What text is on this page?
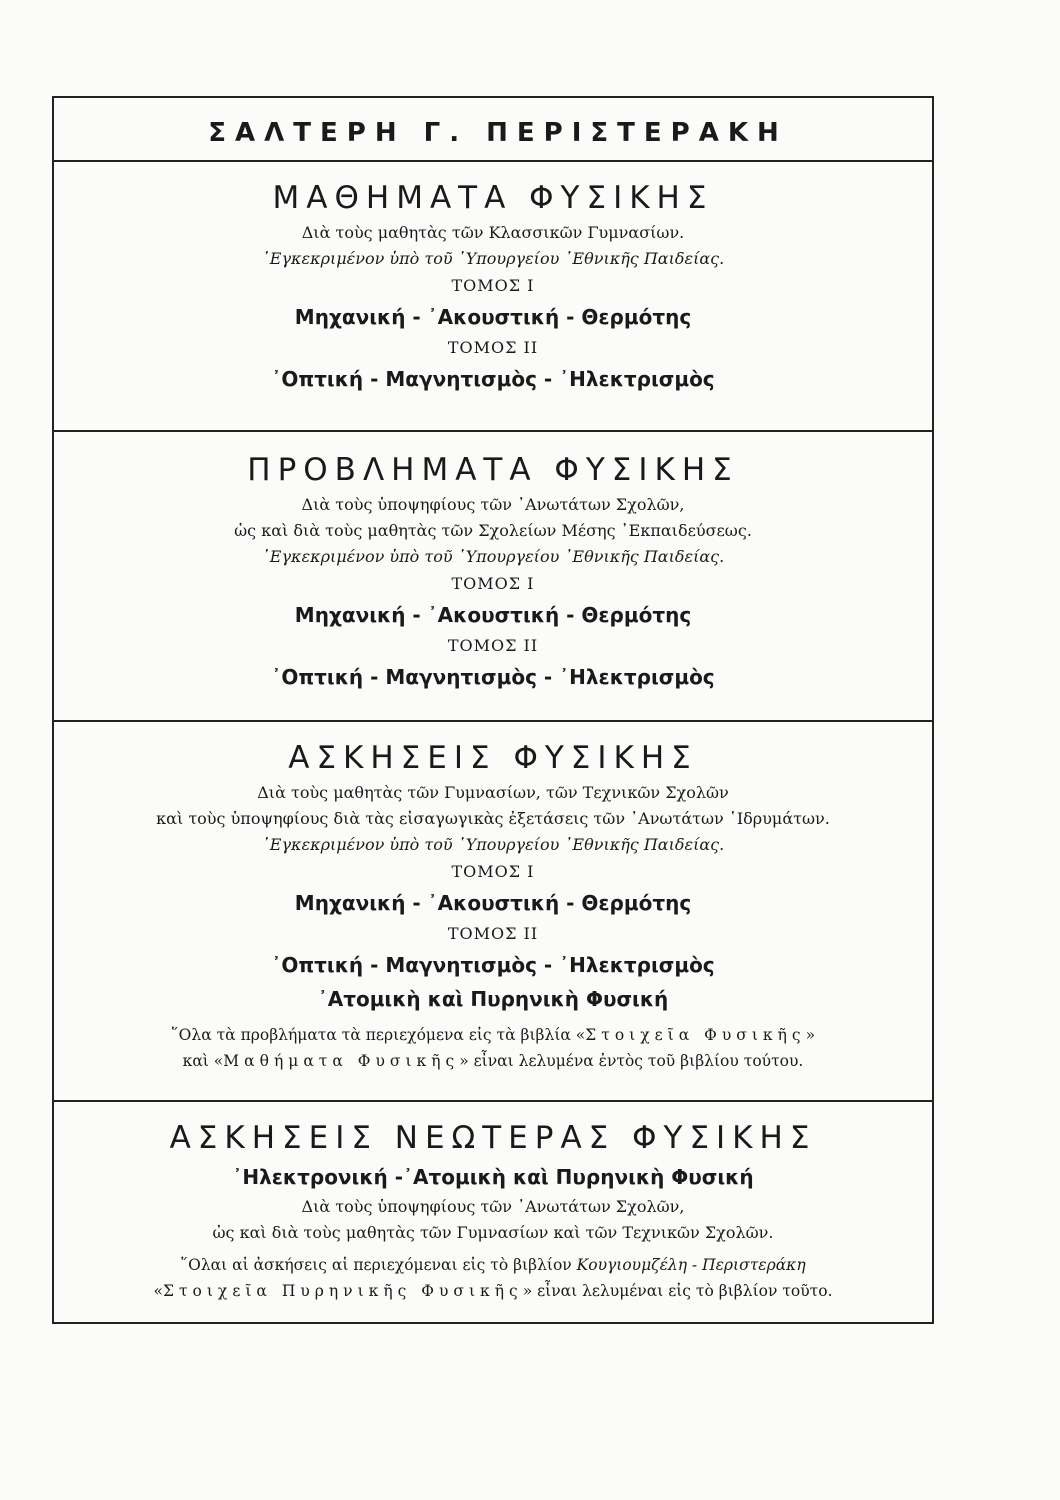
ΣΑΛΤΕΡΗ Γ. ΠΕΡΙΣΤΕΡΑΚΗ
ΜΑΘΗΜΑΤΑ ΦΥΣΙΚΗΣ
Διὰ τοὺς μαθητὰς τῶν Κλασσικῶν Γυμνασίων.
᾿Εγκεκριμένον ὑπὸ τοῦ ῾Υπουργείου ᾿Εθνικῆς Παιδείας.
ΤΟΜΟΣ Ι
Μηχανική - ᾿Ακουστική - Θερμότης
ΤΟΜΟΣ ΙΙ
᾿Οπτική - Μαγνητισμὸς - ᾿Ηλεκτρισμὸς
ΠΡΟΒΛΗΜΑΤΑ ΦΥΣΙΚΗΣ
Διὰ τοὺς ὑποψηφίους τῶν ᾿Ανωτάτων Σχολῶν,
ὡς καὶ διὰ τοὺς μαθητὰς τῶν Σχολείων Μέσης ᾿Εκπαιδεύσεως.
᾿Εγκεκριμένον ὑπὸ τοῦ ῾Υπουργείου ᾿Εθνικῆς Παιδείας.
ΤΟΜΟΣ Ι
Μηχανική - ᾿Ακουστική - Θερμότης
ΤΟΜΟΣ ΙΙ
᾿Οπτική - Μαγνητισμὸς - ᾿Ηλεκτρισμὸς
ΑΣΚΗΣΕΙΣ ΦΥΣΙΚΗΣ
Διὰ τοὺς μαθητὰς τῶν Γυμνασίων, τῶν Τεχνικῶν Σχολῶν
καὶ τοὺς ὑποψηφίους διὰ τὰς εἰσαγωγικὰς ἐξετάσεις τῶν ᾿Ανωτάτων ῾Ιδρυμάτων.
᾿Εγκεκριμένον ὑπὸ τοῦ ῾Υπουργείου ᾿Εθνικῆς Παιδείας.
ΤΟΜΟΣ Ι
Μηχανική - ᾿Ακουστική - Θερμότης
ΤΟΜΟΣ ΙΙ
᾿Οπτική - Μαγνητισμὸς - ᾿Ηλεκτρισμὸς
᾿Ατομικὴ καὶ Πυρηνικὴ Φυσική
῞Ολα τὰ προβλήματα τὰ περιεχόμενα εἰς τὰ βιβλία «Στοιχεῖα Φυσικῆς»
καὶ «Μαθήματα Φυσικῆς» εἶναι λελυμένα ἐντὸς τοῦ βιβλίου τούτου.
ΑΣΚΗΣΕΙΣ ΝΕΩΤΕΡΑΣ ΦΥΣΙΚΗΣ
᾿Ηλεκτρονική -᾿Ατομικὴ καὶ Πυρηνικὴ Φυσική
Διὰ τοὺς ὑποψηφίους τῶν ᾿Ανωτάτων Σχολῶν,
ὡς καὶ διὰ τοὺς μαθητὰς τῶν Γυμνασίων καὶ τῶν Τεχνικῶν Σχολῶν.
῞Ολαι αἱ ἀσκήσεις αἱ περιεχόμεναι εἰς τὸ βιβλίον Κουγιουμζέλη - Περιστεράκη
«Στοιχεῖα Πυρηνικῆς Φυσικῆς» εἶναι λελυμέναι εἰς τὸ βιβλίον τοῦτο.
